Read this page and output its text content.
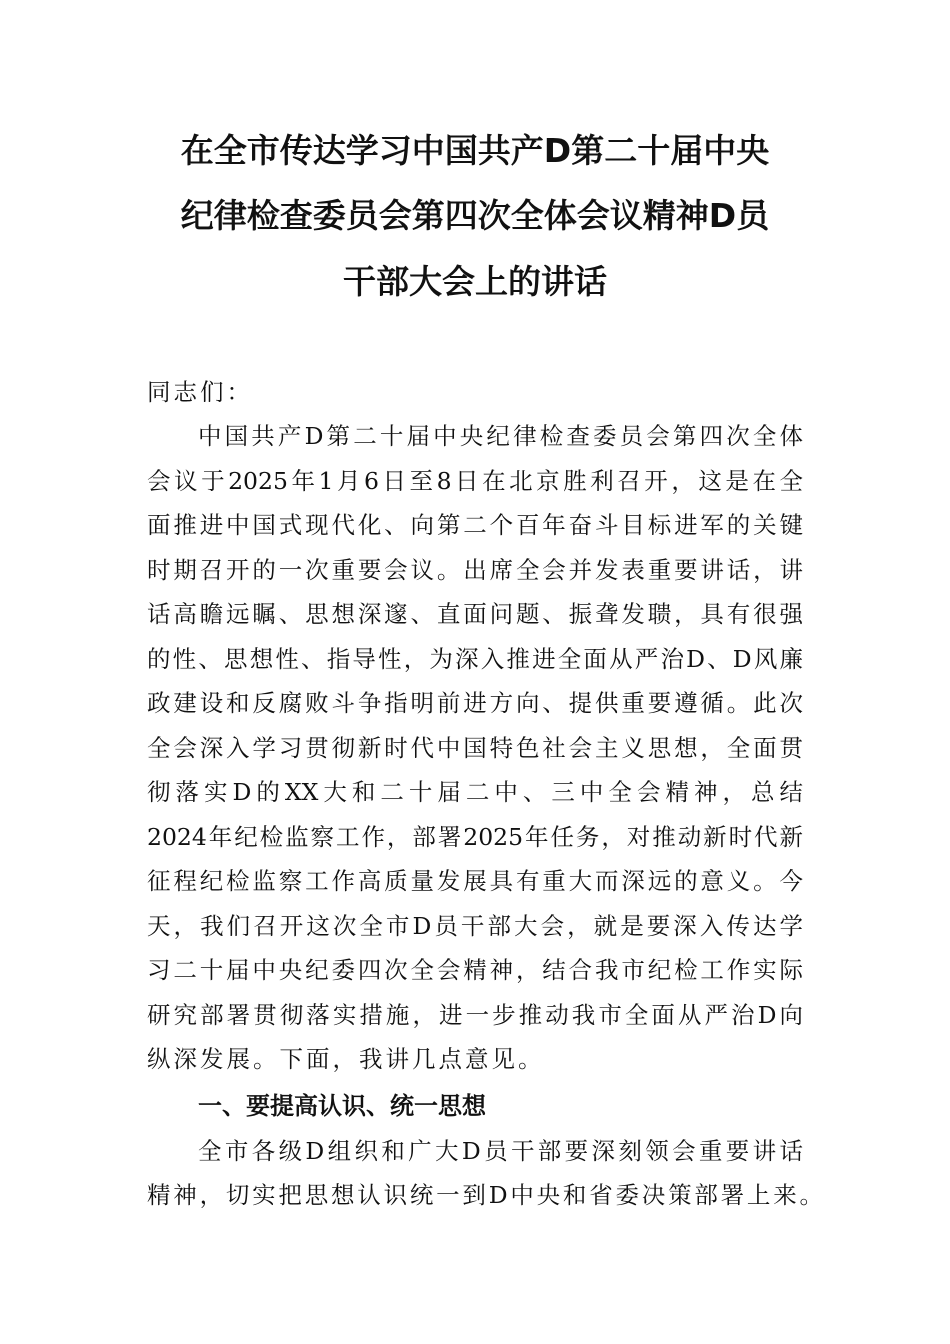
在全市传达学习中国共产D第二十届中央
纪律检查委员会第四次全体会议精神D员
干部大会上的讲话
同志们：
中国共产D第二十届中央纪律检查委员会第四次全体
会议于2025年1月6日至8日在北京胜利召开，这是在全
面推进中国式现代化、向第二个百年奋斗目标进军的关键
时期召开的一次重要会议。出席全会并发表重要讲话，讲
话高瞻远瞩、思想深邃、直面问题、振聋发聩，具有很强
的性、思想性、指导性，为深入推进全面从严治D、D风廉
政建设和反腐败斗争指明前进方向、提供重要遵循。此次
全会深入学习贯彻新时代中国特色社会主义思想，全面贯
彻落实D的XX大和二十届二中、三中全会精神，总结
2024年纪检监察工作，部署2025年任务，对推动新时代新
征程纪检监察工作高质量发展具有重大而深远的意义。今
天，我们召开这次全市D员干部大会，就是要深入传达学
习二十届中央纪委四次全会精神，结合我市纪检工作实际
研究部署贯彻落实措施，进一步推动我市全面从严治D向
纵深发展。下面，我讲几点意见。
一、要提高认识、统一思想
全市各级D组织和广大D员干部要深刻领会重要讲话
精神，切实把思想认识统一到D中央和省委决策部署上来。
